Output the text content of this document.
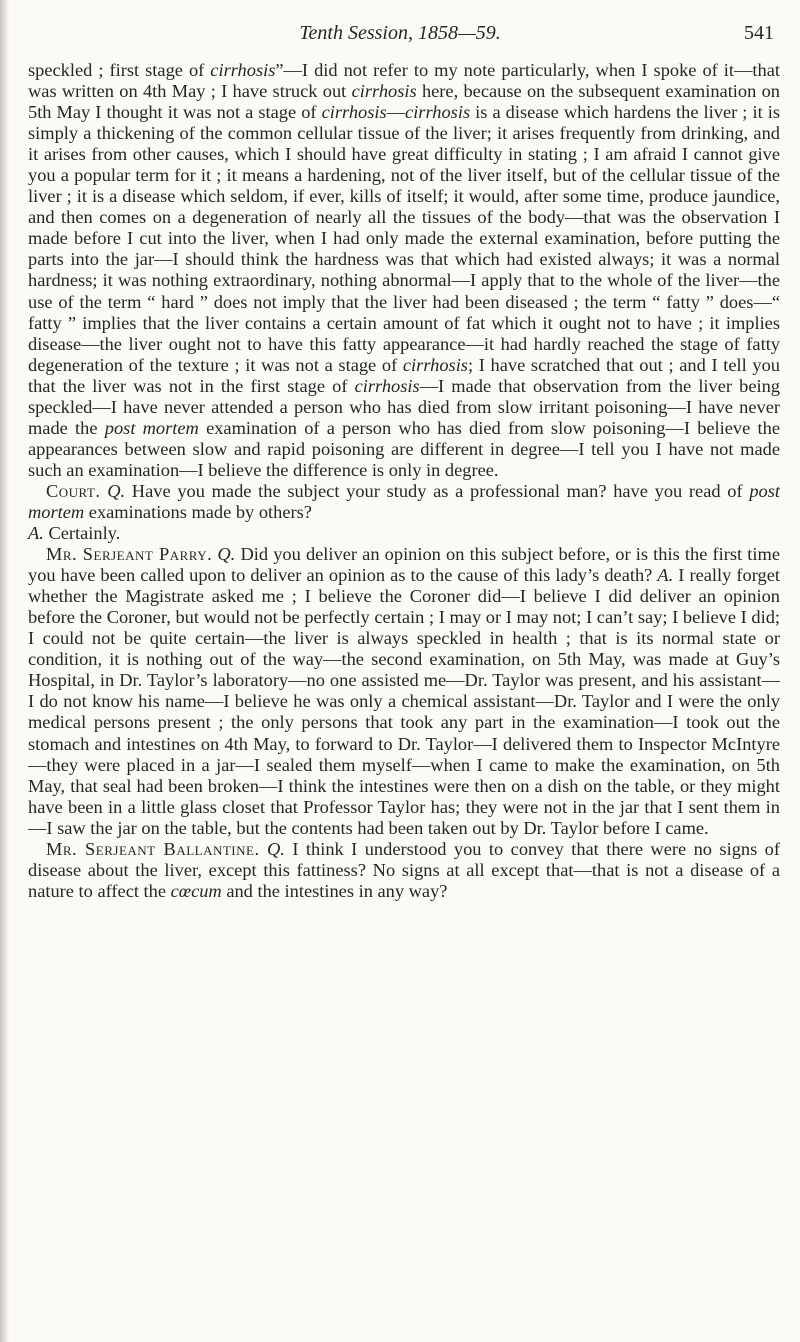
Tenth Session, 1858—59.	541

speckled ; first stage of cirrhosis”—I did not refer to my note particularly, when I spoke of it—that was written on 4th May ; I have struck out cirrhosis here, because on the subsequent examination on 5th May I thought it was not a stage of cirrhosis—cirrhosis is a disease which hardens the liver ; it is simply a thickening of the common cellular tissue of the liver; it arises frequently from drinking, and it arises from other causes, which I should have great difficulty in stating ; I am afraid I cannot give you a popular term for it ; it means a hardening, not of the liver itself, but of the cellular tissue of the liver ; it is a disease which seldom, if ever, kills of itself; it would, after some time, produce jaundice, and then comes on a degeneration of nearly all the tissues of the body—that was the observation I made before I cut into the liver, when I had only made the external examination, before putting the parts into the jar—I should think the hardness was that which had existed always; it was a normal hardness; it was nothing extraordinary, nothing abnormal—I apply that to the whole of the liver—the use of the term “ hard ” does not imply that the liver had been diseased ; the term “ fatty ” does—“ fatty ” implies that the liver contains a certain amount of fat which it ought not to have ; it implies disease—the liver ought not to have this fatty appearance—it had hardly reached the stage of fatty degeneration of the texture ; it was not a stage of cirrhosis; I have scratched that out ; and I tell you that the liver was not in the first stage of cirrhosis—I made that observation from the liver being speckled—I have never attended a person who has died from slow irritant poisoning—I have never made the post mortem examination of a person who has died from slow poisoning—I believe the appearances between slow and rapid poisoning are different in degree—I tell you I have not made such an examination—I believe the difference is only in degree.

Court. Q. Have you made the subject your study as a professional man? have you read of post mortem examinations made by others?

A. Certainly.

Mr. Serjeant Parry. Q. Did you deliver an opinion on this subject before, or is this the first time you have been called upon to deliver an opinion as to the cause of this lady’s death? A. I really forget whether the Magistrate asked me ; I believe the Coroner did—I believe I did deliver an opinion before the Coroner, but would not be perfectly certain ; I may or I may not; I can’t say; I believe I did; I could not be quite certain—the liver is always speckled in health ; that is its normal state or condition, it is nothing out of the way—the second examination, on 5th May, was made at Guy’s Hospital, in Dr. Taylor’s laboratory—no one assisted me—Dr. Taylor was present, and his assistant—I do not know his name—I believe he was only a chemical assistant—Dr. Taylor and I were the only medical persons present ; the only persons that took any part in the examination—I took out the stomach and intestines on 4th May, to forward to Dr. Taylor—I delivered them to Inspector McIntyre—they were placed in a jar—I sealed them myself—when I came to make the examination, on 5th May, that seal had been broken—I think the intestines were then on a dish on the table, or they might have been in a little glass closet that Professor Taylor has; they were not in the jar that I sent them in—I saw the jar on the table, but the contents had been taken out by Dr. Taylor before I came.

Mr. Serjeant Ballantine. Q. I think I understood you to convey that there were no signs of disease about the liver, except this fattiness? No signs at all except that—that is not a disease of a nature to affect the cœcum and the intestines in any way?
